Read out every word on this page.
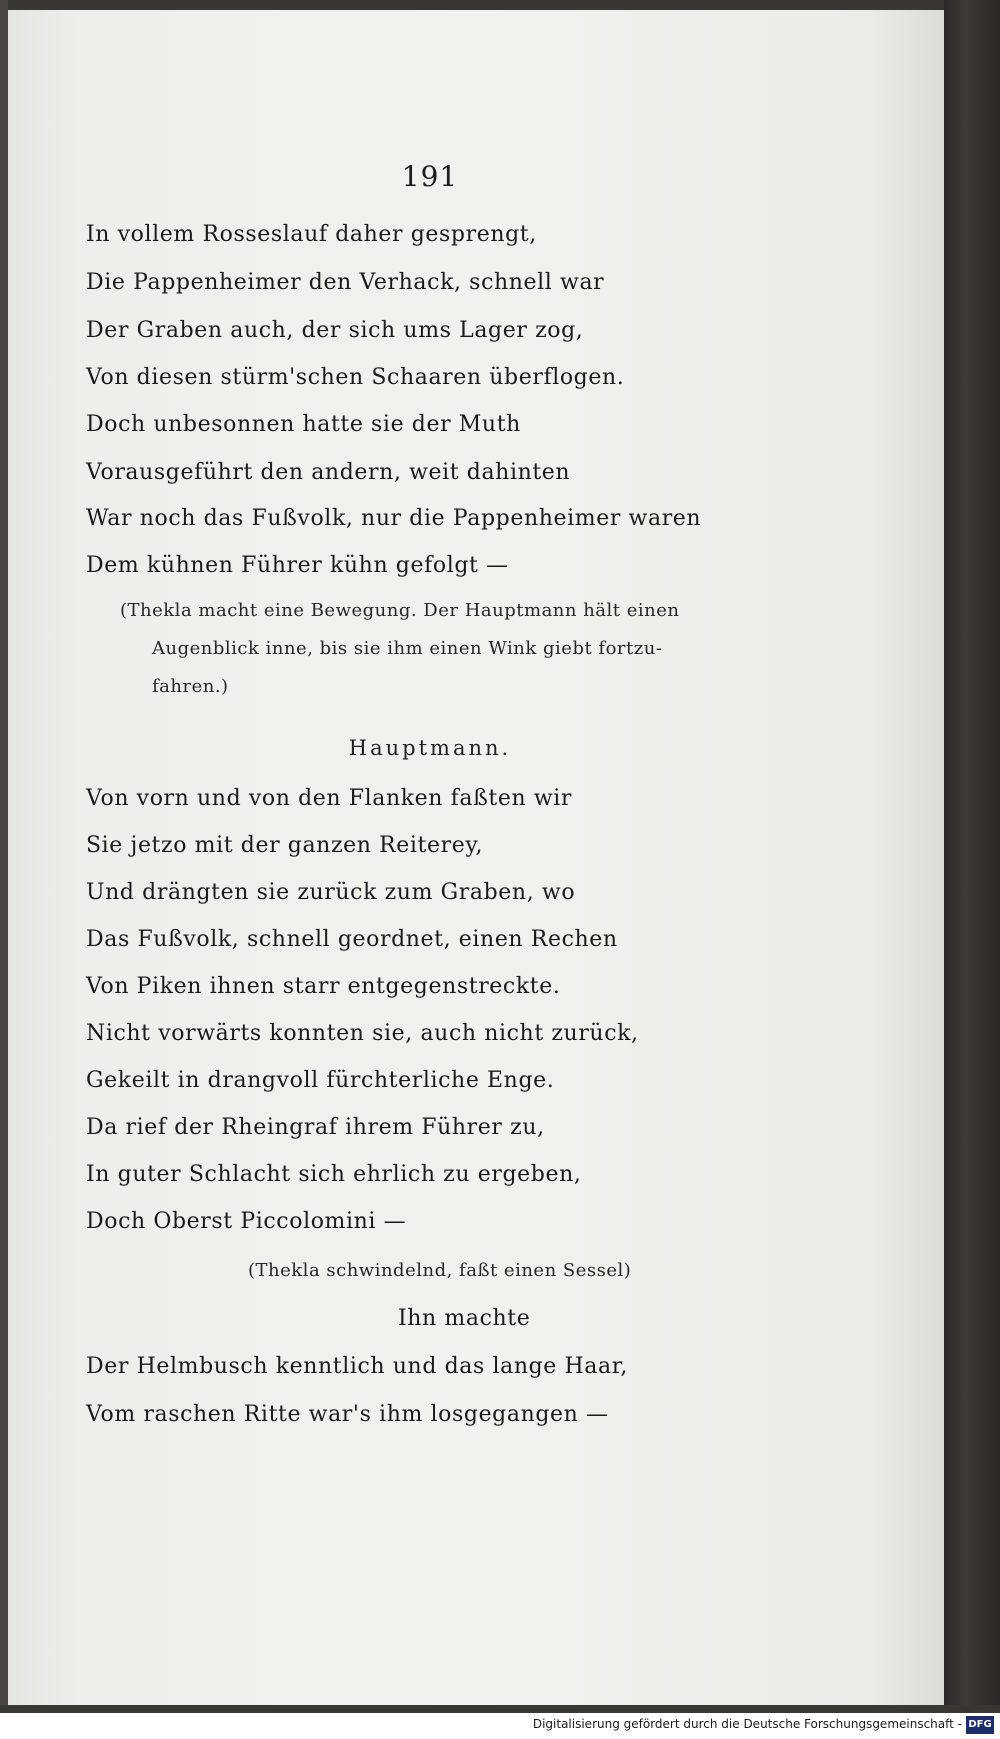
191
In vollem Rosseslauf daher gesprengt,
Die Pappenheimer den Verhack, schnell war
Der Graben auch, der sich ums Lager zog,
Von diesen stürm'schen Schaaren überflogen.
Doch unbesonnen hatte sie der Muth
Vorausgeführt den andern, weit dahinten
War noch das Fußvolk, nur die Pappenheimer waren
Dem kühnen Führer kühn gefolgt —
(Thekla macht eine Bewegung. Der Hauptmann hält einen
Augenblick inne, bis sie ihm einen Wink giebt fortzu-
fahren.)
Hauptmann.
Von vorn und von den Flanken faßten wir
Sie jetzo mit der ganzen Reiterey,
Und drängten sie zurück zum Graben, wo
Das Fußvolk, schnell geordnet, einen Rechen
Von Piken ihnen starr entgegenstreckte.
Nicht vorwärts konnten sie, auch nicht zurück,
Gekeilt in drangvoll fürchterliche Enge.
Da rief der Rheingraf ihrem Führer zu,
In guter Schlacht sich ehrlich zu ergeben,
Doch Oberst Piccolomini —
(Thekla schwindelnd, faßt einen Sessel)
Ihn machte
Der Helmbusch kenntlich und das lange Haar,
Vom raschen Ritte war's ihm losgegangen —
Digitalisierung gefördert durch die Deutsche Forschungsgemeinschaft - DFG
